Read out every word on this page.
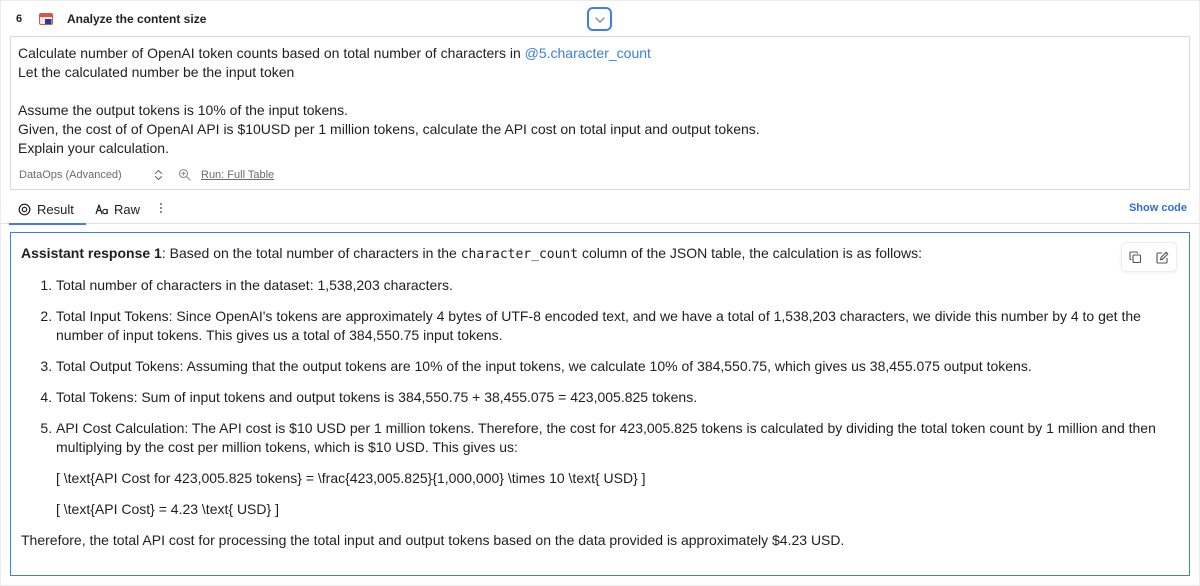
6	Analyze the content size
Calculate number of OpenAI token counts based on total number of characters in @5.character_count
Let the calculated number be the input token
Assume the output tokens is 10% of the input tokens.
Given, the cost of of OpenAI API is $10USD per 1 million tokens, calculate the API cost on total input and output tokens.
Explain your calculation.
DataOps (Advanced)	Run: Full Table
Result	Raw	Show code
Assistant response 1: Based on the total number of characters in the character_count column of the JSON table, the calculation is as follows:
1. Total number of characters in the dataset: 1,538,203 characters.
2. Total Input Tokens: Since OpenAI's tokens are approximately 4 bytes of UTF-8 encoded text, and we have a total of 1,538,203 characters, we divide this number by 4 to get the number of input tokens. This gives us a total of 384,550.75 input tokens.
3. Total Output Tokens: Assuming that the output tokens are 10% of the input tokens, we calculate 10% of 384,550.75, which gives us 38,455.075 output tokens.
4. Total Tokens: Sum of input tokens and output tokens is 384,550.75 + 38,455.075 = 423,005.825 tokens.
5. API Cost Calculation: The API cost is $10 USD per 1 million tokens. Therefore, the cost for 423,005.825 tokens is calculated by dividing the total token count by 1 million and then multiplying by the cost per million tokens, which is $10 USD. This gives us:
[ \text{API Cost for 423,005.825 tokens} = \frac{423,005.825}{1,000,000} \times 10 \text{ USD} ]
[ \text{API Cost} = 4.23 \text{ USD} ]
Therefore, the total API cost for processing the total input and output tokens based on the data provided is approximately $4.23 USD.
